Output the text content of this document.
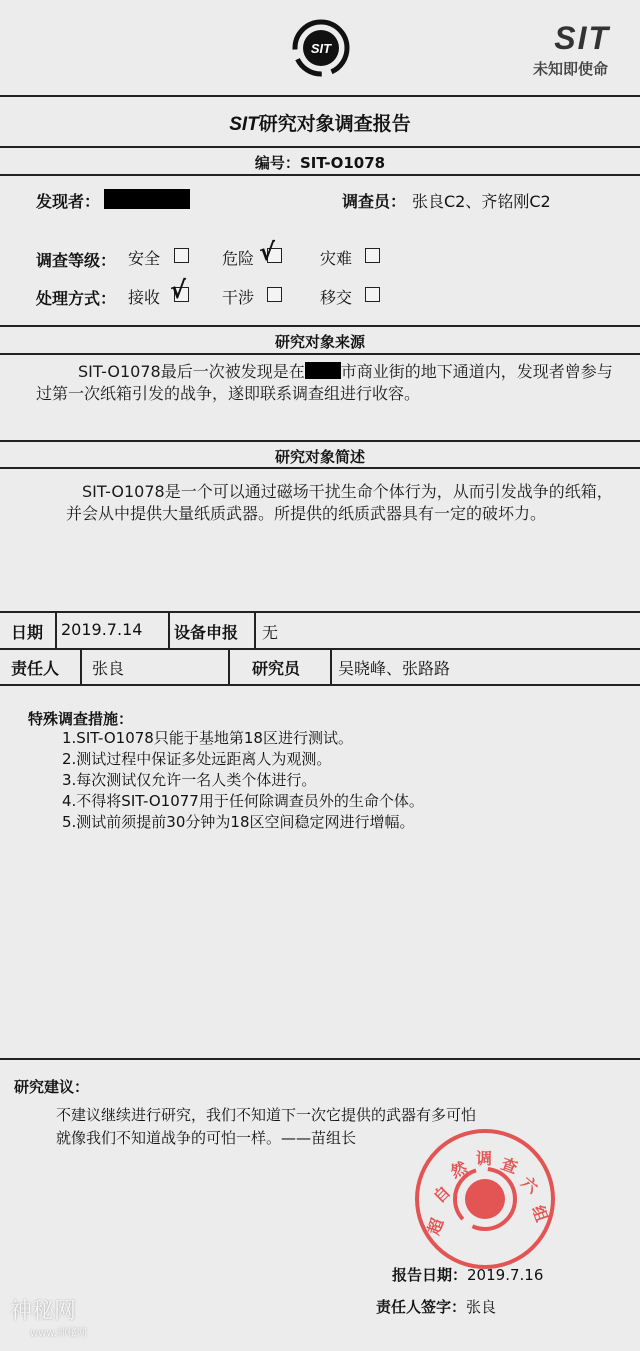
SIT	SIT
未知即使命
SIT研究对象调查报告
编号：SIT-O1078
发现者：	调查员： 张良C2、齐铭刚C2
调查等级： 安全	危险 √	灾难
处理方式： 接收 √ 干涉	移交
研究对象来源
SIT-O1078最后一次被发现是在 市商业街的地下通道内，发现者曾参与过第一次纸箱引发的战争，遂即联系调查组进行收容。
研究对象简述
SIT-O1078是一个可以通过磁场干扰生命个体行为，从而引发战争的纸箱，并会从中提供大量纸质武器。所提供的纸质武器具有一定的破坏力。
日期 2019.7.14 设备申报 无
责任人 张良	研究员 吴晓峰、张路路
特殊调查措施：
1.SIT-O1078只能于基地第18区进行测试。
2.测试过程中保证多处远距离人为观测。
3.每次测试仅允许一名人类个体进行。
4.不得将SIT-O1077用于任何除调查员外的生命个体。
5.测试前须提前30分钟为18区空间稳定网进行增幅。
研究建议：
不建议继续进行研究，我们不知道下一次它提供的武器有多可怕
就像我们不知道战争的可怕一样。——苗组长
超
自
然 调 查
六
组
报告日期：2019.7.16
责任人签字：张良
神秘网
www.神秘网
